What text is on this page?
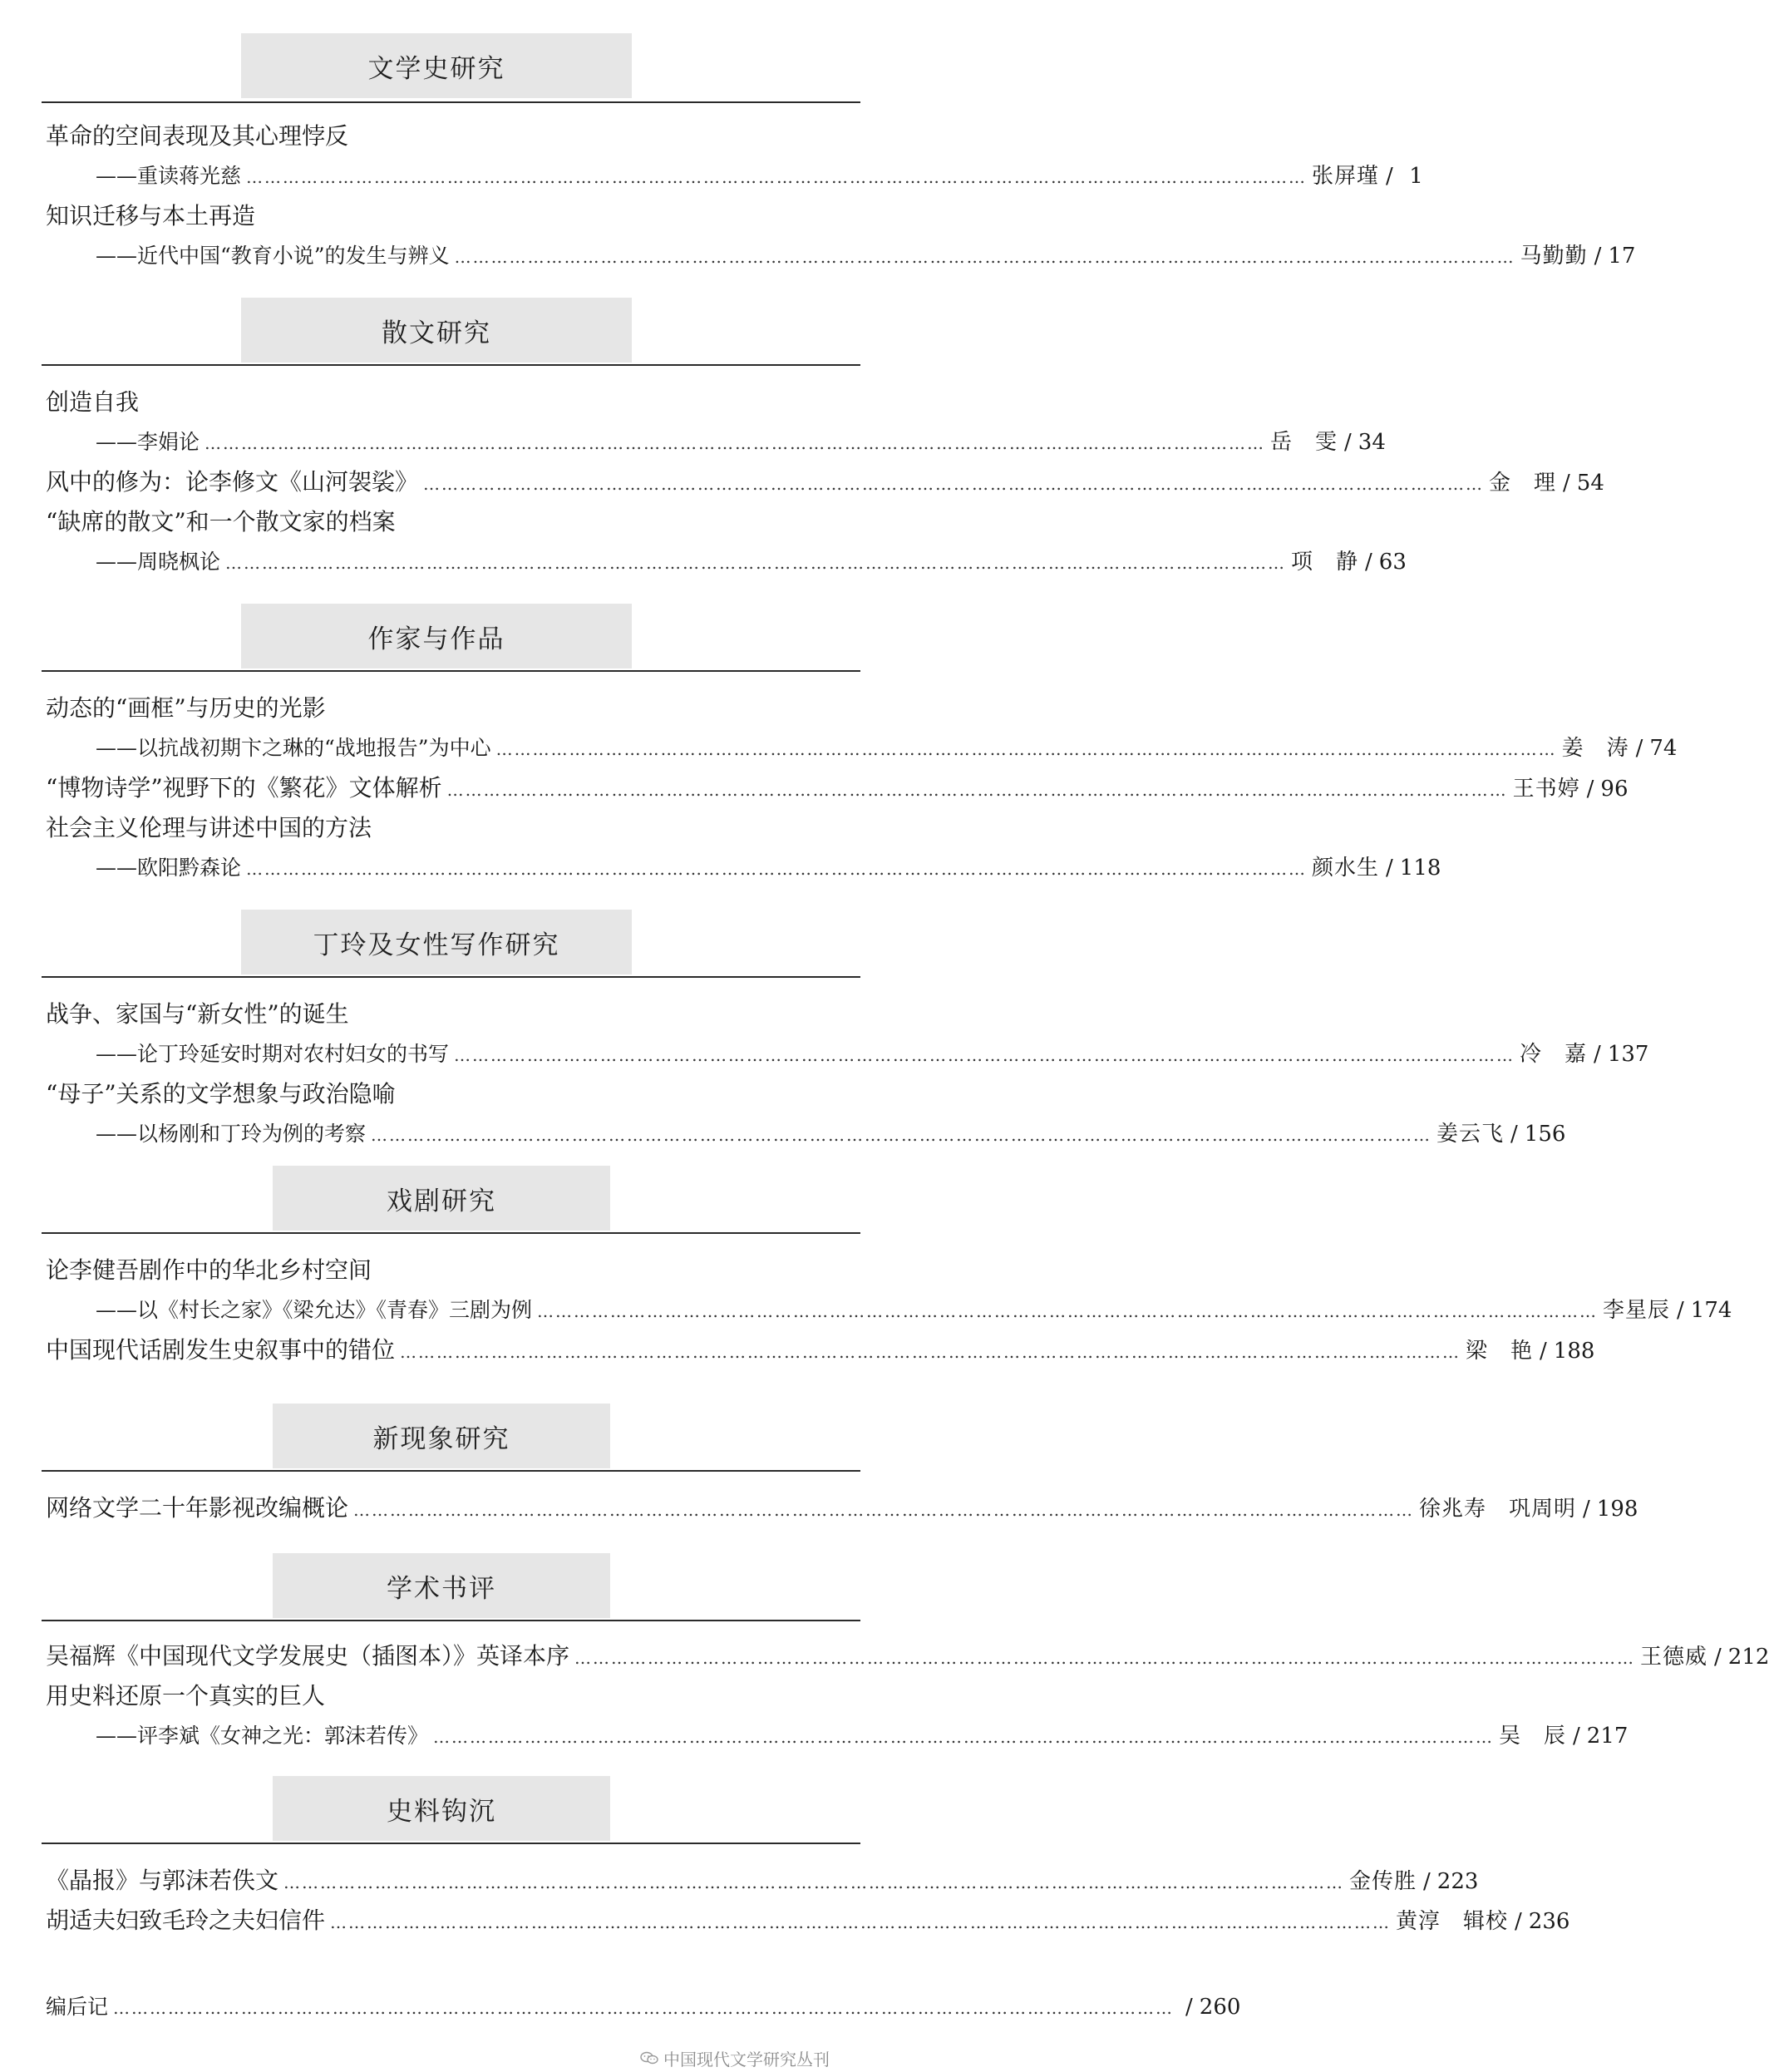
文学史研究
革命的空间表现及其心理悖反
——重读蒋光慈 ………………………………………………………………………………………………………………………………………………………… 张屏瑾 / 1
知识迁移与本土再造
——近代中国“教育小说”的发生与辨义 ………………………………………………………………………………………………………………………………………………………… 马勤勤 / 17
散文研究
创造自我
——李娟论 ………………………………………………………………………………………………………………………………………………………… 岳　雯 / 34
风中的修为：论李修文《山河袈裟》 ………………………………………………………………………………………………………………………………………………………… 金　理 / 54
“缺席的散文”和一个散文家的档案
——周晓枫论 ………………………………………………………………………………………………………………………………………………………… 项　静 / 63
作家与作品
动态的“画框”与历史的光影
——以抗战初期卞之琳的“战地报告”为中心 ………………………………………………………………………………………………………………………………………………………… 姜　涛 / 74
“博物诗学”视野下的《繁花》文体解析 ………………………………………………………………………………………………………………………………………………………… 王书婷 / 96
社会主义伦理与讲述中国的方法
——欧阳黔森论 ………………………………………………………………………………………………………………………………………………………… 颜水生 / 118
丁玲及女性写作研究
战争、家国与“新女性”的诞生
——论丁玲延安时期对农村妇女的书写 ………………………………………………………………………………………………………………………………………………………… 冷　嘉 / 137
“母子”关系的文学想象与政治隐喻
——以杨刚和丁玲为例的考察 ………………………………………………………………………………………………………………………………………………………… 姜云飞 / 156
戏剧研究
论李健吾剧作中的华北乡村空间
——以《村长之家》《梁允达》《青春》三剧为例 ………………………………………………………………………………………………………………………………………………………… 李星辰 / 174
中国现代话剧发生史叙事中的错位 ………………………………………………………………………………………………………………………………………………………… 梁　艳 / 188
新现象研究
网络文学二十年影视改编概论 ………………………………………………………………………………………………………………………………………………………… 徐兆寿　巩周明 / 198
学术书评
吴福辉《中国现代文学发展史（插图本）》英译本序 ………………………………………………………………………………………………………………………………………………………… 王德威 / 212
用史料还原一个真实的巨人
——评李斌《女神之光：郭沫若传》 ………………………………………………………………………………………………………………………………………………………… 吴　辰 / 217
史料钩沉
《晶报》与郭沫若佚文 ………………………………………………………………………………………………………………………………………………………… 金传胜 / 223
胡适夫妇致毛玲之夫妇信件 ………………………………………………………………………………………………………………………………………………………… 黄淳　辑校 / 236
编后记 ………………………………………………………………………………………………………………………………………………………… / 260
中国现代文学研究丛刊
